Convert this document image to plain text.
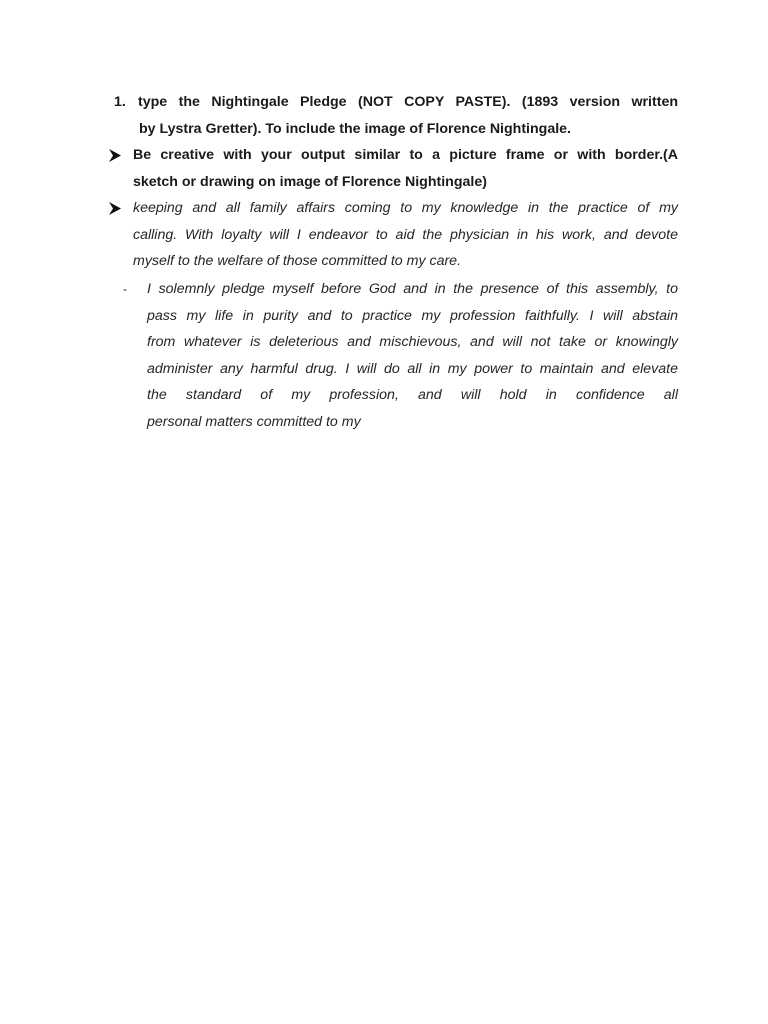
1. type the Nightingale Pledge (NOT COPY PASTE). (1893 version written
by Lystra Gretter). To include the image of Florence Nightingale.
Be creative with your output similar to a picture frame or with border.(A
sketch or drawing on image of Florence Nightingale)
keeping and all family affairs coming to my knowledge in the practice of my
calling. With loyalty will I endeavor to aid the physician in his work, and devote
myself to the welfare of those committed to my care.
- I solemnly pledge myself before God and in the presence of this assembly, to
pass my life in purity and to practice my profession faithfully. I will abstain
from whatever is deleterious and mischievous, and will not take or knowingly
administer any harmful drug. I will do all in my power to maintain and elevate
the standard of my profession, and will hold in confidence all
personal matters committed to my
